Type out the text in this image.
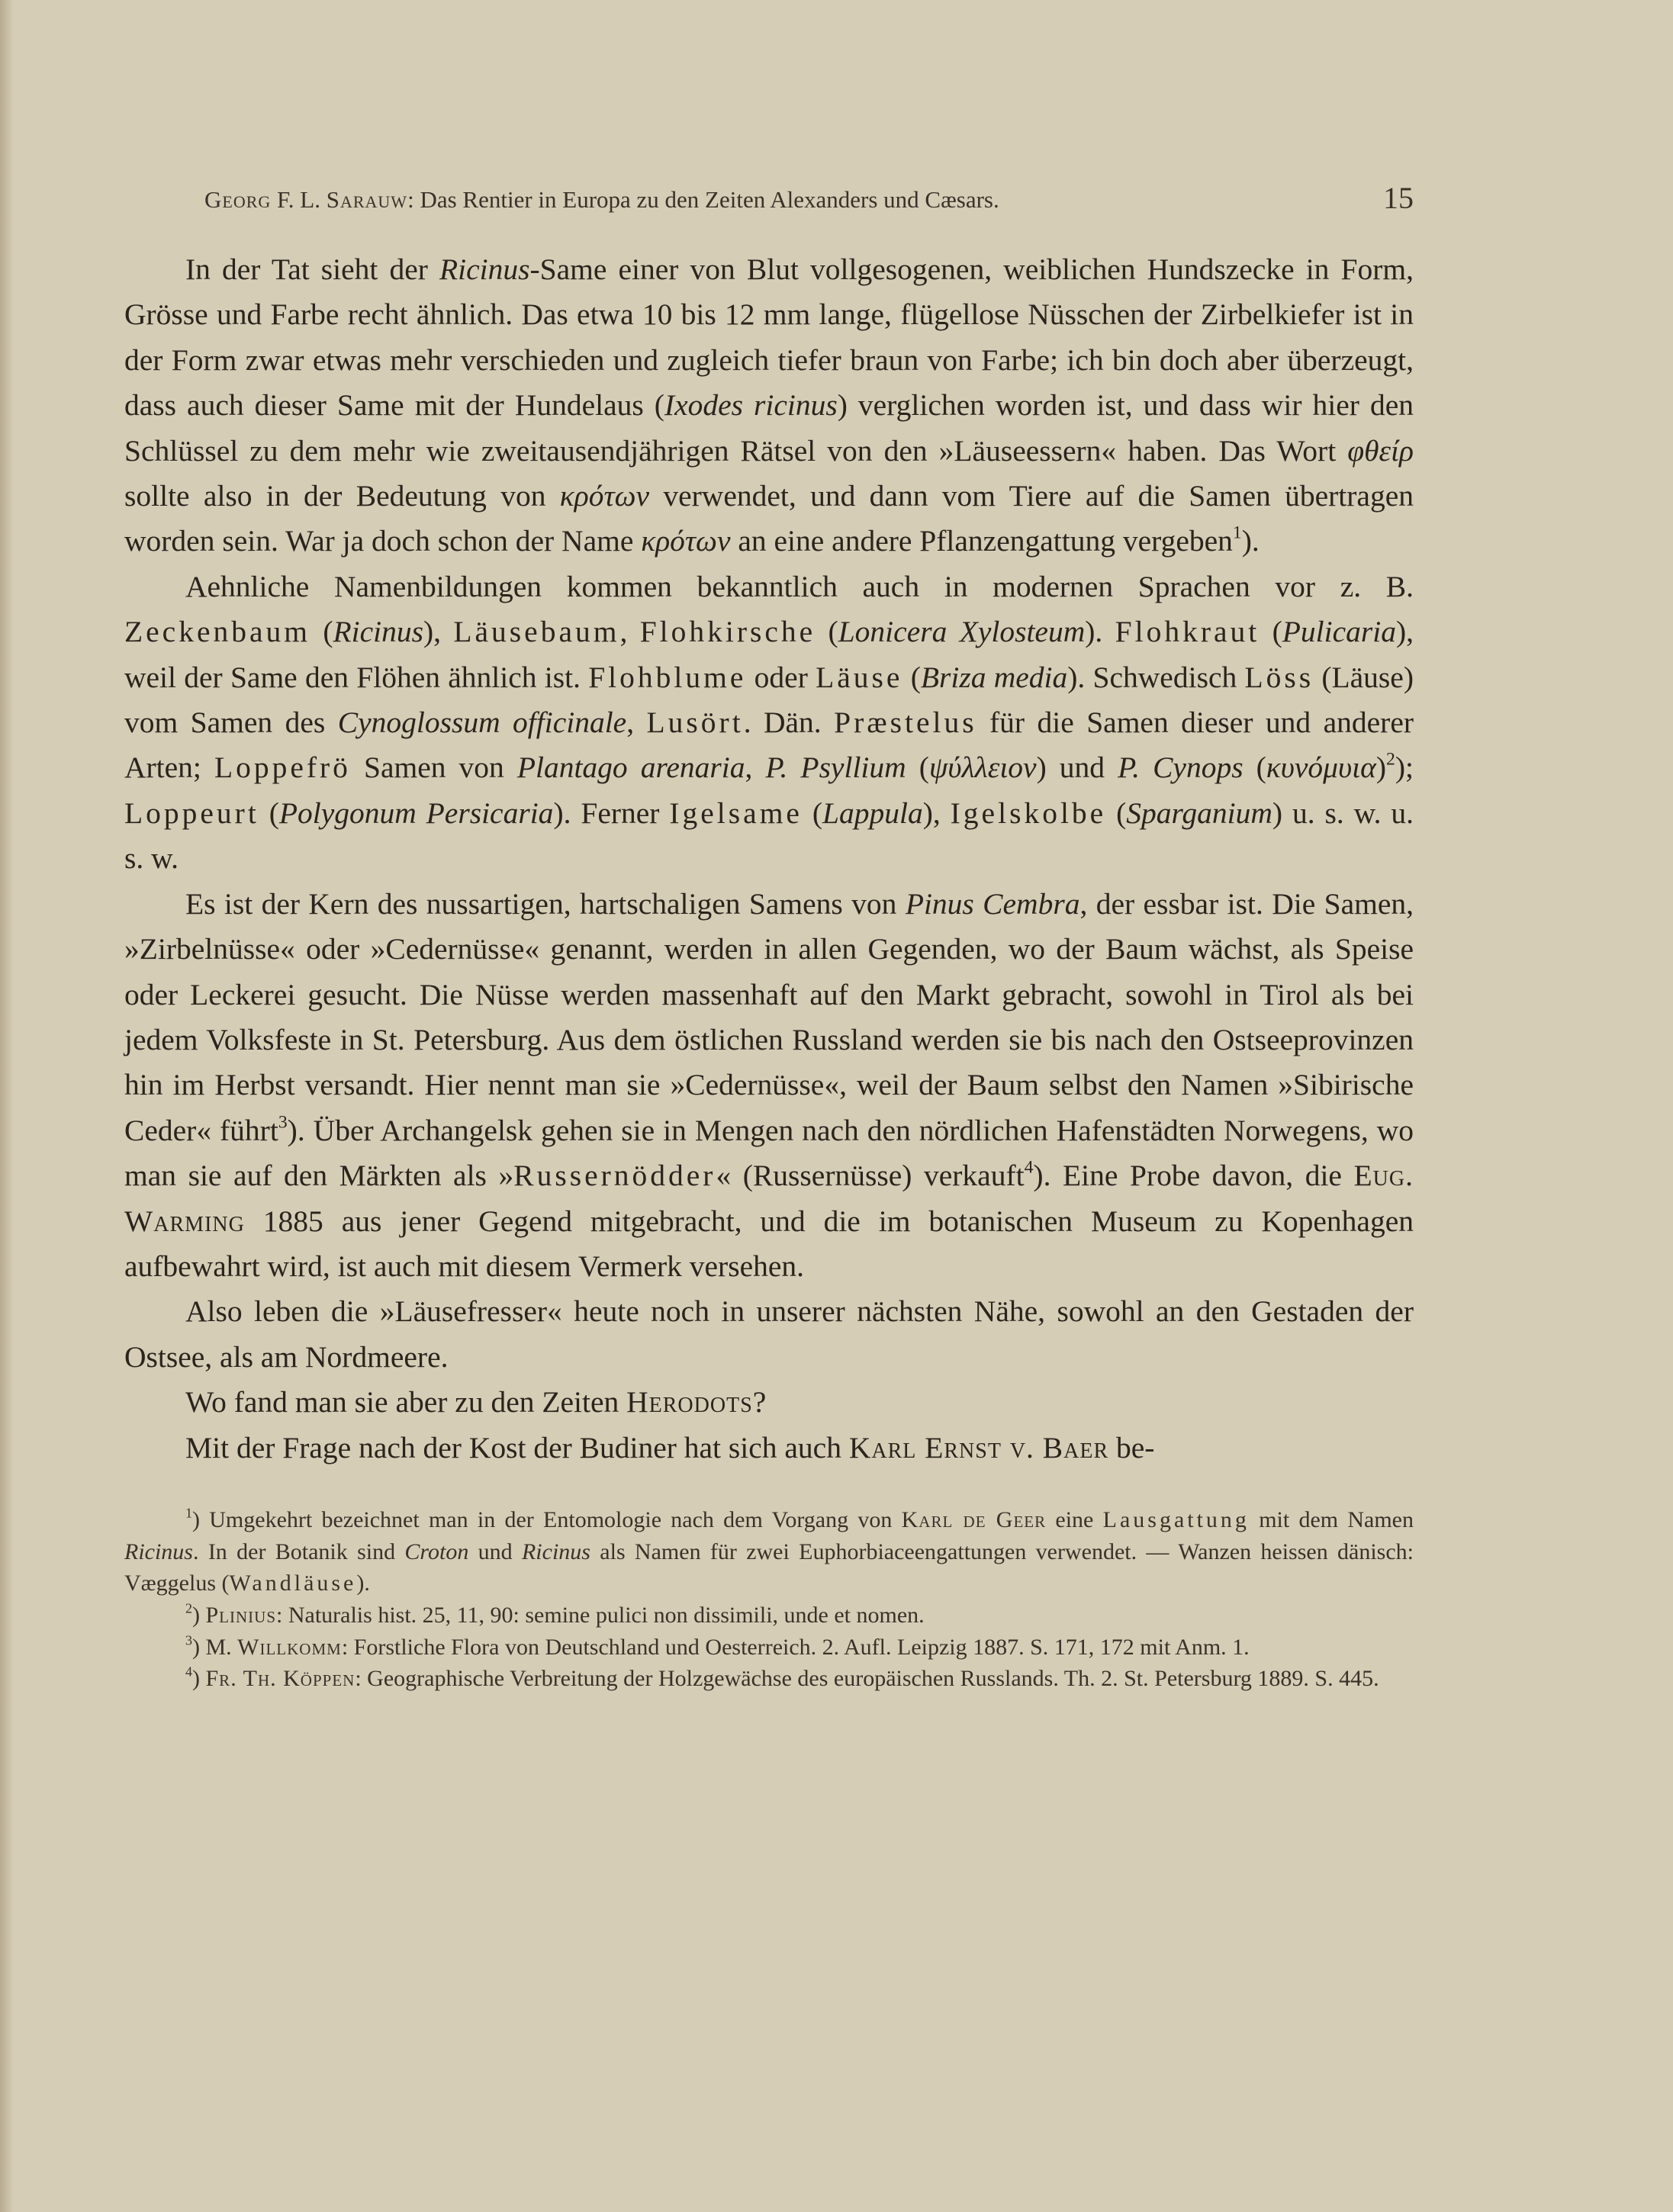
Georg F. L. Sarauw: Das Rentier in Europa zu den Zeiten Alexanders und Cæsars.	15

In der Tat sieht der Ricinus-Same einer von Blut vollgesogenen, weiblichen Hundszecke in Form, Grösse und Farbe recht ähnlich. Das etwa 10 bis 12 mm lange, flügellose Nüsschen der Zirbelkiefer ist in der Form zwar etwas mehr verschieden und zugleich tiefer braun von Farbe; ich bin doch aber überzeugt, dass auch dieser Same mit der Hundelaus (Ixodes ricinus) verglichen worden ist, und dass wir hier den Schlüssel zu dem mehr wie zweitausendjährigen Rätsel von den »Läuseessern« haben. Das Wort φθείρ sollte also in der Bedeutung von κρότων verwendet, und dann vom Tiere auf die Samen übertragen worden sein. War ja doch schon der Name κρότων an eine andere Pflanzengattung vergeben$^1$).

Aehnliche Namenbildungen kommen bekanntlich auch in modernen Sprachen vor z. B. Zeckenbaum (Ricinus), Läusebaum, Flohkirsche (Lonicera Xylosteum). Flohkraut (Pulicaria), weil der Same den Flöhen ähnlich ist. Flohblume oder Läuse (Briza media). Schwedisch Löss (Läuse) vom Samen des Cynoglossum officinale, Lusört. Dän. Præstelus für die Samen dieser und anderer Arten; Loppefrö Samen von Plantago arenaria, P. Psyllium (ψύλλειον) und P. Cynops $(\kappa\upsilon\nu ό\mu\upsilon\iota\alpha)^2$); Loppeurt (Polygonum Persicaria). Ferner Igelsame (Lappula), Igelskolbe (Sparganium) u. s. w. u. s. w.

Es ist der Kern des nussartigen, hartschaligen Samens von Pinus Cembra, der essbar ist. Die Samen, »Zirbelnüsse« oder »Cedernüsse« genannt, werden in allen Gegenden, wo der Baum wächst, als Speise oder Leckerei gesucht. Die Nüsse werden massenhaft auf den Markt gebracht, sowohl in Tirol als bei jedem Volksfeste in St. Petersburg. Aus dem östlichen Russland werden sie bis nach den Ostseeprovinzen hin im Herbst versandt. Hier nennt man sie »Cedernüsse«, weil der Baum selbst den Namen »Sibirische Ceder« führt$^3$). Über Archangelsk gehen sie in Mengen nach den nördlichen Hafenstädten Norwegens, wo man sie auf den Märkten als »Russernödder« (Russernüsse) verkauft$^4$). Eine Probe davon, die Eug. Warming 1885 aus jener Gegend mitgebracht, und die im botanischen Museum zu Kopenhagen aufbewahrt wird, ist auch mit diesem Vermerk versehen.

Also leben die »Läusefresser« heute noch in unserer nächsten Nähe, sowohl an den Gestaden der Ostsee, als am Nordmeere.

Wo fand man sie aber zu den Zeiten Herodots?

Mit der Frage nach der Kost der Budiner hat sich auch Karl Ernst v. Baer be-

$^1$) Umgekehrt bezeichnet man in der Entomologie nach dem Vorgang von Karl de Geer eine Lausgattung mit dem Namen Ricinus. In der Botanik sind Croton und Ricinus als Namen für zwei Euphorbiaceengattungen verwendet. — Wanzen heissen dänisch: Væggelus (Wandläuse).

$^2$) Plinius: Naturalis hist. 25, 11, 90: semine pulici non dissimili, unde et nomen.

$^3$) M. Willkomm: Forstliche Flora von Deutschland und Oesterreich. 2. Aufl. Leipzig 1887. S. 171, 172 mit Anm. 1.

$^4$) Fr. Th. Köppen: Geographische Verbreitung der Holzgewächse des europäischen Russlands. Th. 2. St. Petersburg 1889. S. 445.
